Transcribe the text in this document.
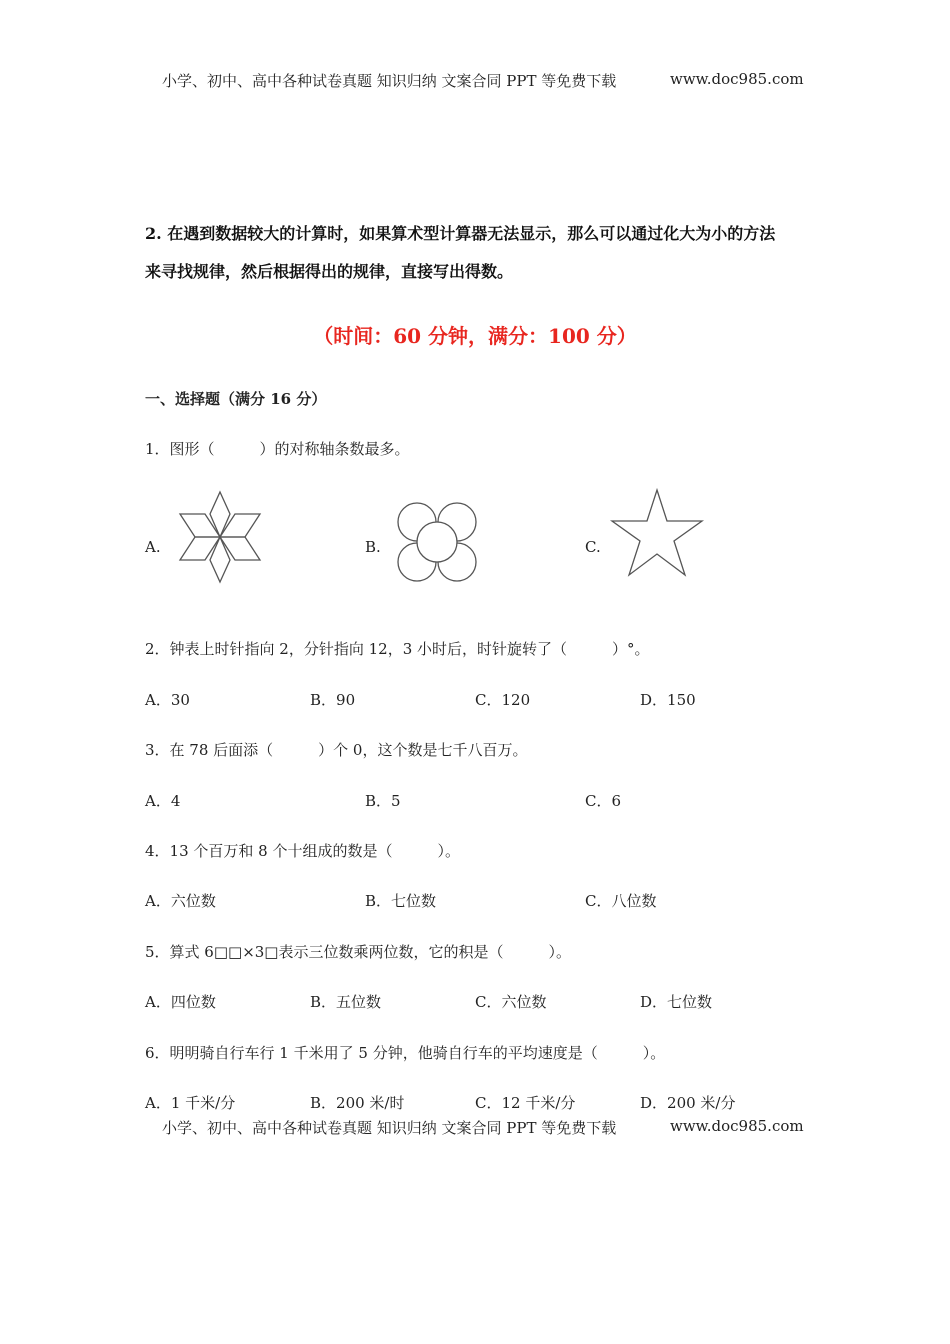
小学、初中、高中各种试卷真题 知识归纳 文案合同 PPT 等免费下载	www.doc985.com
2. 在遇到数据较大的计算时，如果算术型计算器无法显示，那么可以通过化大为小的方法
来寻找规律，然后根据得出的规律，直接写出得数。
（时间：60 分钟，满分：100 分）
一、选择题（满分 16 分）
1．图形（　　　）的对称轴条数最多。
A.	B.	C.
2．钟表上时针指向 2，分针指向 12，3 小时后，时针旋转了（　　　）°。
A．30	B．90	C．120	D．150
3．在 78 后面添（　　　）个 0，这个数是七千八百万。
A．4	B．5	C．6
4．13 个百万和 8 个十组成的数是（　　　）。
A．六位数	B．七位数	C．八位数
5．算式 6□□×3□表示三位数乘两位数，它的积是（　　　）。
A．四位数	B．五位数	C．六位数	D．七位数
6．明明骑自行车行 1 千米用了 5 分钟，他骑自行车的平均速度是（　　　）。
A．1 千米/分	B．200 米/时	C．12 千米/分	D．200 米/分
小学、初中、高中各种试卷真题 知识归纳 文案合同 PPT 等免费下载	www.doc985.com
